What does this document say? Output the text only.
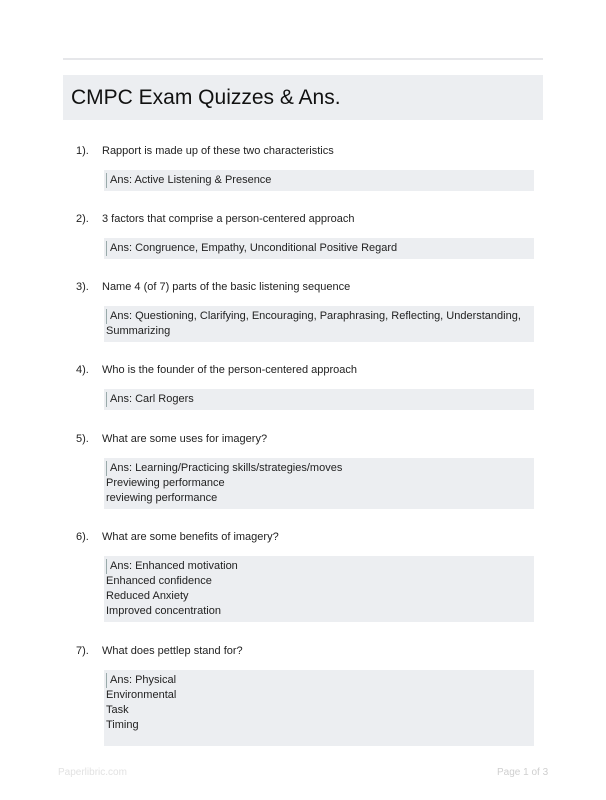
CMPC Exam Quizzes & Ans.
1). Rapport is made up of these two characteristics
Ans: Active Listening & Presence
2). 3 factors that comprise a person-centered approach
Ans: Congruence, Empathy, Unconditional Positive Regard
3). Name 4 (of 7) parts of the basic listening sequence
Ans: Questioning, Clarifying, Encouraging, Paraphrasing, Reflecting, Understanding,
Summarizing
4). Who is the founder of the person-centered approach
Ans: Carl Rogers
5). What are some uses for imagery?
Ans: Learning/Practicing skills/strategies/moves
Previewing performance
reviewing performance
6). What are some benefits of imagery?
Ans: Enhanced motivation
Enhanced confidence
Reduced Anxiety
Improved concentration
7). What does pettlep stand for?
Ans: Physical
Environmental
Task
Timing
Paperlibric.com	Page 1 of 3
